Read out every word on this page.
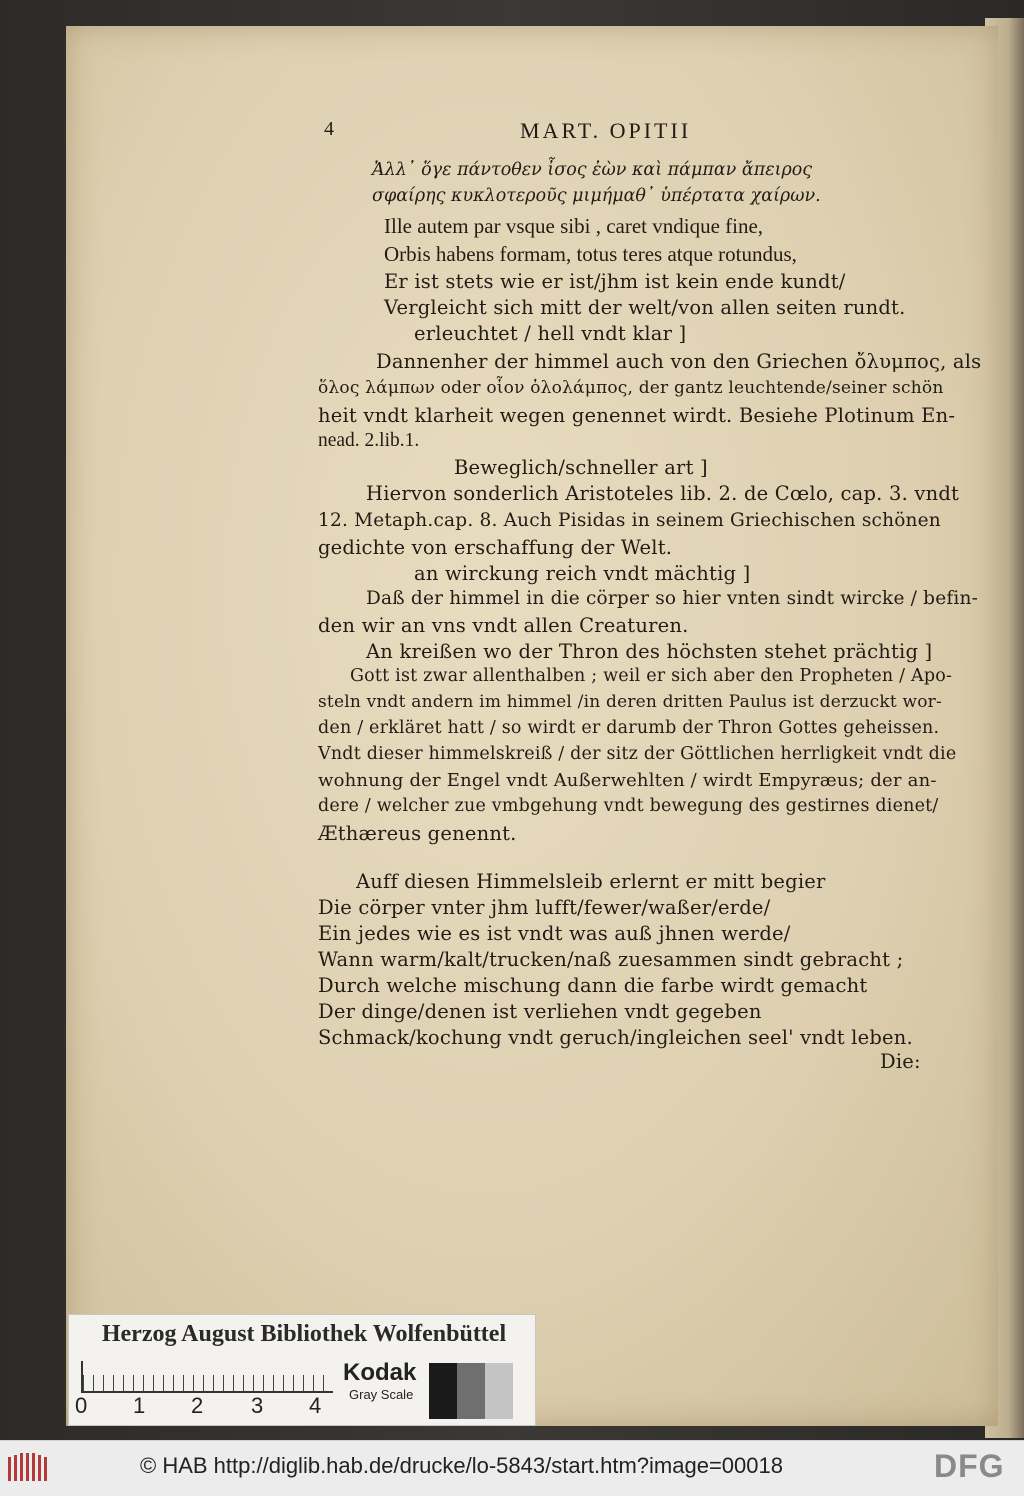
4	MART. OPITII
Ἀλλ᾽ ὅγε πάντοθεν ἶσος ἐὼν καὶ πάμπαν ἄπειρος
σφαίρης κυκλοτεροῦς μιμήμαθ᾽ ὑπέρτατα χαίρων.
Ille autem par vsque sibi , caret vndique fine,
Orbis habens formam, totus teres atque rotundus,
Er ist stets wie er ist/jhm ist kein ende kundt/
Vergleicht sich mitt der welt/von allen seiten rundt.
erleuchtet / hell vndt klar ]
Dannenher der himmel auch von den Griechen ὄλυμπος, als
ὅλος λάμπων oder οἷον ὁλολάμπος, der gantz leuchtende/seiner schön
heit vndt klarheit wegen genennet wirdt. Besiehe Plotinum En-
nead. 2.lib.1.
Beweglich/schneller art ]
Hiervon sonderlich Aristoteles lib. 2. de Cœlo, cap. 3. vndt
12. Metaph.cap. 8. Auch Pisidas in seinem Griechischen schönen
gedichte von erschaffung der Welt.
an wirckung reich vndt mächtig ]
Daß der himmel in die cörper so hier vnten sindt wircke / befin-
den wir an vns vndt allen Creaturen.
An kreißen wo der Thron des höchsten stehet prächtig ]
Gott ist zwar allenthalben ; weil er sich aber den Propheten / Apo-
steln vndt andern im himmel /in deren dritten Paulus ist derzuckt wor-
den / erkläret hatt / so wirdt er darumb der Thron Gottes geheissen.
Vndt dieser himmelskreiß / der sitz der Göttlichen herrligkeit vndt die
wohnung der Engel vndt Außerwehlten / wirdt Empyræus; der an-
dere / welcher zue vmbgehung vndt bewegung des gestirnes dienet/
Æthæreus genennt.
Auff diesen Himmelsleib erlernt er mitt begier
Die cörper vnter jhm lufft/fewer/waßer/erde/
Ein jedes wie es ist vndt was auß jhnen werde/
Wann warm/kalt/trucken/naß zuesammen sindt gebracht ;
Durch welche mischung dann die farbe wirdt gemacht
Der dinge/denen ist verliehen vndt gegeben
Schmack/kochung vndt geruch/ingleichen seel' vndt leben.
Die:
Herzog August Bibliothek Wolfenbüttel
0 1 2 3 4
Kodak
Gray Scale
© HAB http://diglib.hab.de/drucke/lo-5843/start.htm?image=00018	DFG
